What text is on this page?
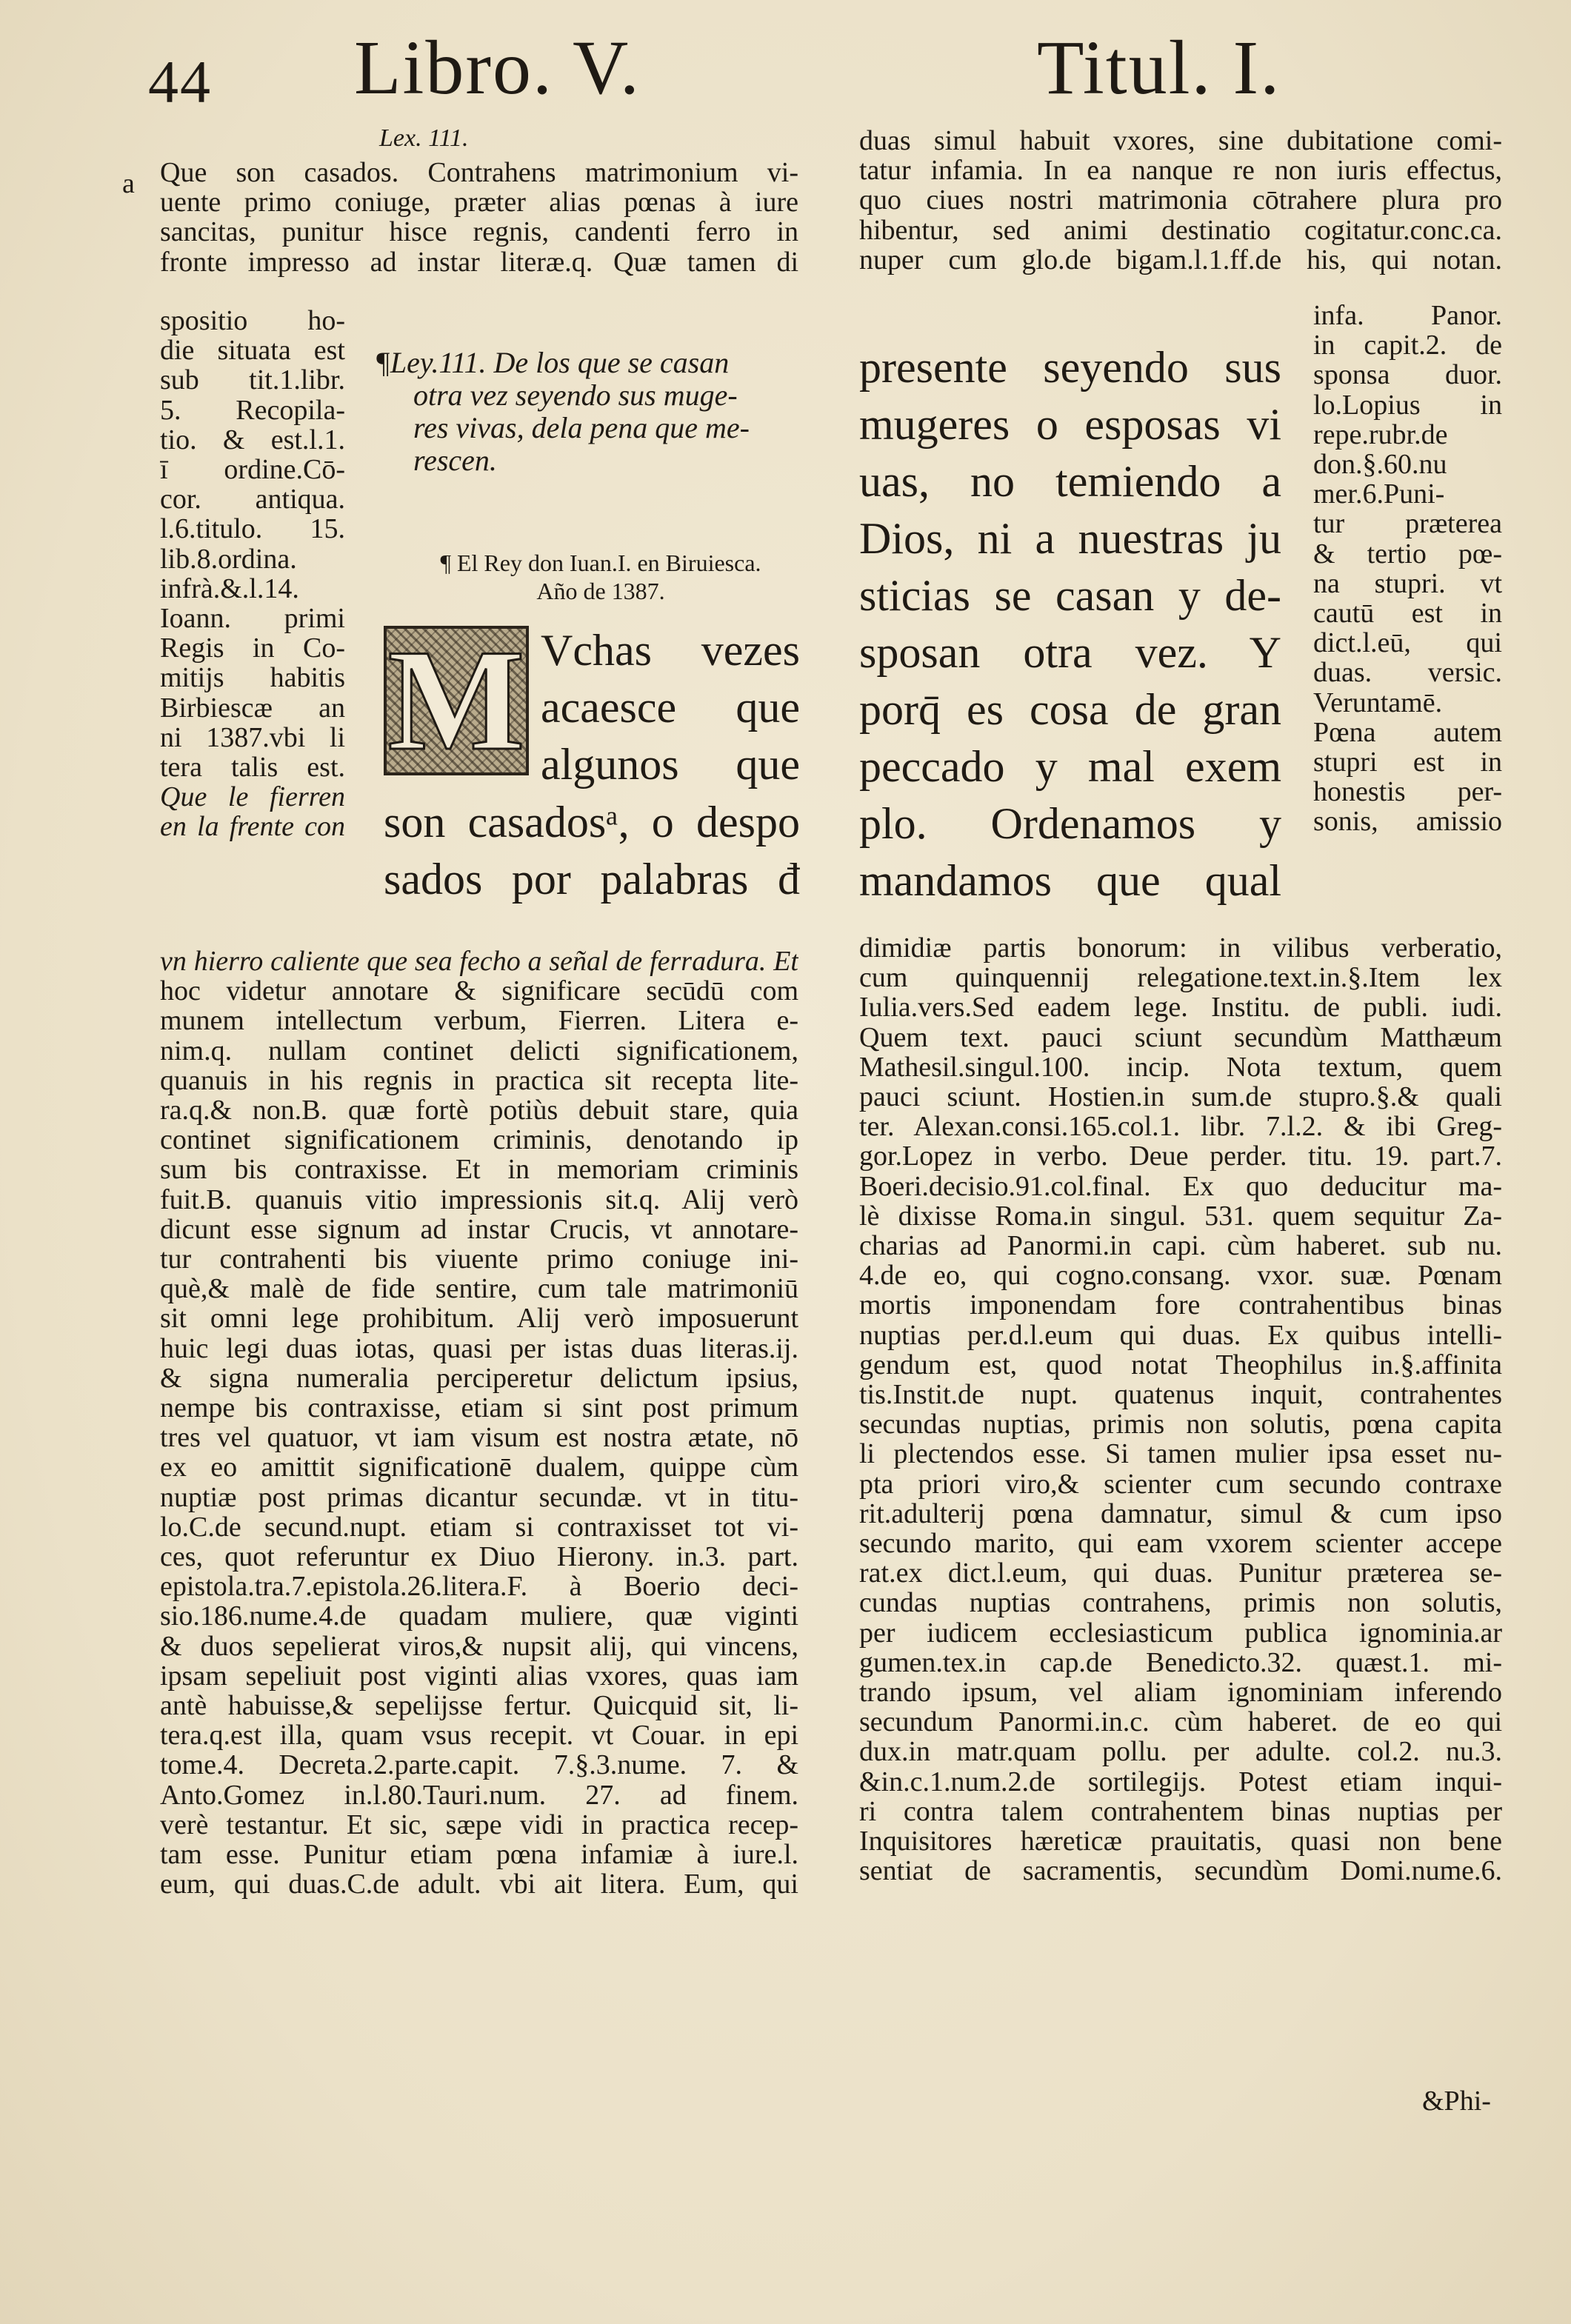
44 Libro. V.	Titul. I.
Lex. 111.
a Que son casados. Contrahens matrimonium vi-
uente primo coniuge, præter alias pœnas à iure
sancitas, punitur hisce regnis, candenti ferro in
fronte impresso ad instar literæ.q. Quæ tamen di
spositio ho-
die situata est
sub tit.1.libr.
5. Recopila-
tio. & est.l.1.
ī ordine.Cō-
cor. antiqua.
l.6.titulo. 15.
lib.8.ordina.
infrà.&.l.14.
Ioann. primi
Regis in Co-
mitijs habitis
Birbiescæ an
ni 1387.vbi li
tera talis est.
Que le fierren
en la frente con
¶Ley.111. De los que se casan
otra vez seyendo sus muge-
res vivas, dela pena que me-
rescen.
¶ El Rey don Iuan.I. en Biruiesca.
Año de 1387.
M Vchas vezes
acaesce que
algunos que
son casadosᵃ, o despo
sados por palabras đ
vn hierro caliente que sea fecho a señal de ferradura. Et
hoc videtur annotare & significare secūdū com
munem intellectum verbum, Fierren. Litera e-
nim.q. nullam continet delicti significationem,
quanuis in his regnis in practica sit recepta lite-
ra.q.& non.B. quæ fortè potiùs debuit stare, quia
continet significationem criminis, denotando ip
sum bis contraxisse. Et in memoriam criminis
fuit.B. quanuis vitio impressionis sit.q. Alij verò
dicunt esse signum ad instar Crucis, vt annotare-
tur contrahenti bis viuente primo coniuge ini-
què,& malè de fide sentire, cum tale matrimoniū
sit omni lege prohibitum. Alij verò imposuerunt
huic legi duas iotas, quasi per istas duas literas.ij.
& signa numeralia perciperetur delictum ipsius,
nempe bis contraxisse, etiam si sint post primum
tres vel quatuor, vt iam visum est nostra ætate, nō
ex eo amittit significationē dualem, quippe cùm
nuptiæ post primas dicantur secundæ. vt in titu-
lo.C.de secund.nupt. etiam si contraxisset tot vi-
ces, quot referuntur ex Diuo Hierony. in.3. part.
epistola.tra.7.epistola.26.litera.F. à Boerio deci-
sio.186.nume.4.de quadam muliere, quæ viginti
& duos sepelierat viros,& nupsit alij, qui vincens,
ipsam sepeliuit post viginti alias vxores, quas iam
antè habuisse,& sepelijsse fertur. Quicquid sit, li-
tera.q.est illa, quam vsus recepit. vt Couar. in epi
tome.4. Decreta.2.parte.capit. 7.§.3.nume. 7. &
Anto.Gomez in.l.80.Tauri.num. 27. ad finem.
verè testantur. Et sic, sæpe vidi in practica recep-
tam esse. Punitur etiam pœna infamiæ à iure.l.
eum, qui duas.C.de adult. vbi ait litera. Eum, qui
duas simul habuit vxores, sine dubitatione comi-
tatur infamia. In ea nanque re non iuris effectus,
quo ciues nostri matrimonia cōtrahere plura pro
hibentur, sed animi destinatio cogitatur.conc.ca.
nuper cum glo.de bigam.l.1.ff.de his, qui notan.
presente seyendo sus
mugeres o esposas vi
uas, no temiendo a
Dios, ni a nuestras ju
sticias se casan y de-
sposan otra vez. Y
porq̄ es cosa de gran
peccado y mal exem
plo. Ordenamos y
mandamos que qual
infa. Panor.
in capit.2. de
sponsa duor.
lo.Lopius in
repe.rubr.de
don.§.60.nu
mer.6.Puni-
tur præterea
& tertio pœ-
na stupri. vt
cautū est in
dict.l.eū, qui
duas. versic.
Veruntamē.
Pœna autem
stupri est in
honestis per-
sonis, amissio
dimidiæ partis bonorum: in vilibus verberatio,
cum quinquennij relegatione.text.in.§.Item lex
Iulia.vers.Sed eadem lege. Institu. de publi. iudi.
Quem text. pauci sciunt secundùm Matthæum
Mathesil.singul.100. incip. Nota textum, quem
pauci sciunt. Hostien.in sum.de stupro.§.& quali
ter. Alexan.consi.165.col.1. libr. 7.l.2. & ibi Greg-
gor.Lopez in verbo. Deue perder. titu. 19. part.7.
Boeri.decisio.91.col.final. Ex quo deducitur ma-
lè dixisse Roma.in singul. 531. quem sequitur Za-
charias ad Panormi.in capi. cùm haberet. sub nu.
4.de eo, qui cogno.consang. vxor. suæ. Pœnam
mortis imponendam fore contrahentibus binas
nuptias per.d.l.eum qui duas. Ex quibus intelli-
gendum est, quod notat Theophilus in.§.affinita
tis.Instit.de nupt. quatenus inquit, contrahentes
secundas nuptias, primis non solutis, pœna capita
li plectendos esse. Si tamen mulier ipsa esset nu-
pta priori viro,& scienter cum secundo contraxe
rit.adulterij pœna damnatur, simul & cum ipso
secundo marito, qui eam vxorem scienter accepe
rat.ex dict.l.eum, qui duas. Punitur præterea se-
cundas nuptias contrahens, primis non solutis,
per iudicem ecclesiasticum publica ignominia.ar
gumen.tex.in cap.de Benedicto.32. quæst.1. mi-
trando ipsum, vel aliam ignominiam inferendo
secundum Panormi.in.c. cùm haberet. de eo qui
dux.in matr.quam pollu. per adulte. col.2. nu.3.
&in.c.1.num.2.de sortilegijs. Potest etiam inqui-
ri contra talem contrahentem binas nuptias per
Inquisitores hæreticæ prauitatis, quasi non bene
sentiat de sacramentis, secundùm Domi.nume.6.
&Phi-
